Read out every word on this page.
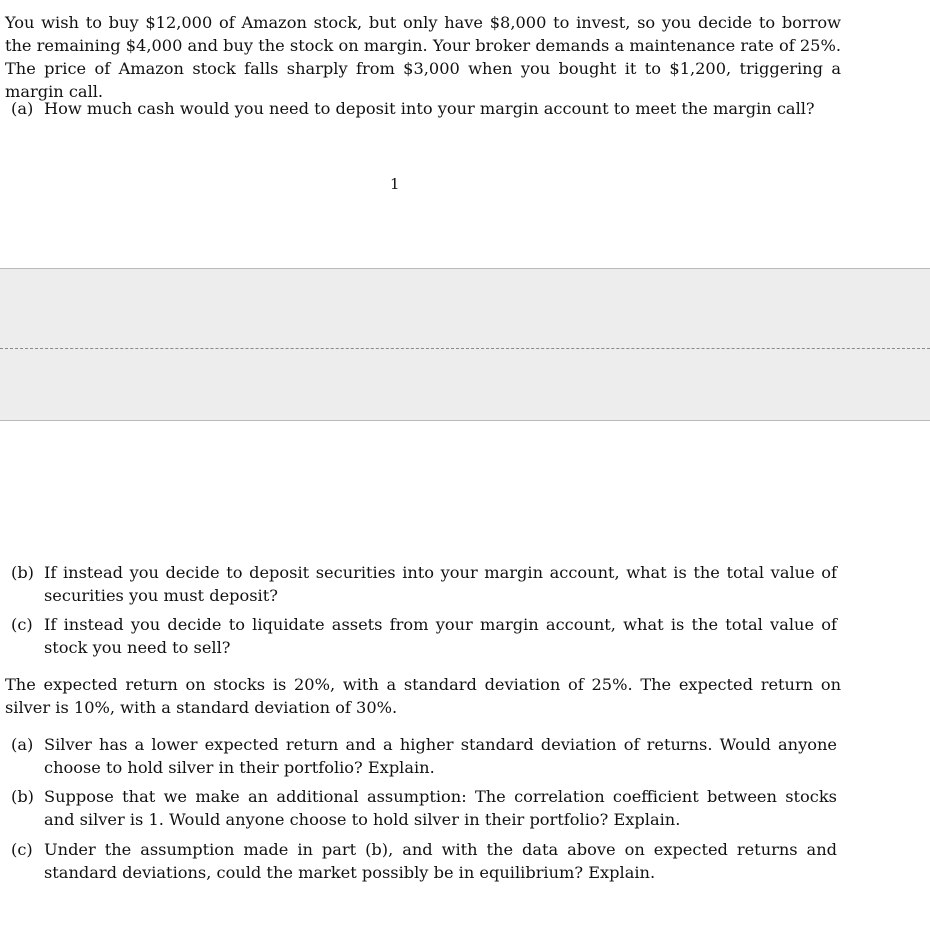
You wish to buy $12,000 of Amazon stock, but only have $8,000 to invest, so you decide to borrow the remaining $4,000 and buy the stock on margin. Your broker demands a maintenance rate of 25%. The price of Amazon stock falls sharply from $3,000 when you bought it to $1,200, triggering a margin call.

(a) How much cash would you need to deposit into your margin account to meet the margin call?
1
(b) If instead you decide to deposit securities into your margin account, what is the total value of securities you must deposit?
(c) If instead you decide to liquidate assets from your margin account, what is the total value of stock you need to sell?

The expected return on stocks is 20%, with a standard deviation of 25%. The expected return on silver is 10%, with a standard deviation of 30%.

(a) Silver has a lower expected return and a higher standard deviation of returns. Would anyone choose to hold silver in their portfolio? Explain.
(b) Suppose that we make an additional assumption: The correlation coefficient between stocks and silver is 1. Would anyone choose to hold silver in their portfolio? Explain.
(c) Under the assumption made in part (b), and with the data above on expected returns and standard deviations, could the market possibly be in equilibrium? Explain.
